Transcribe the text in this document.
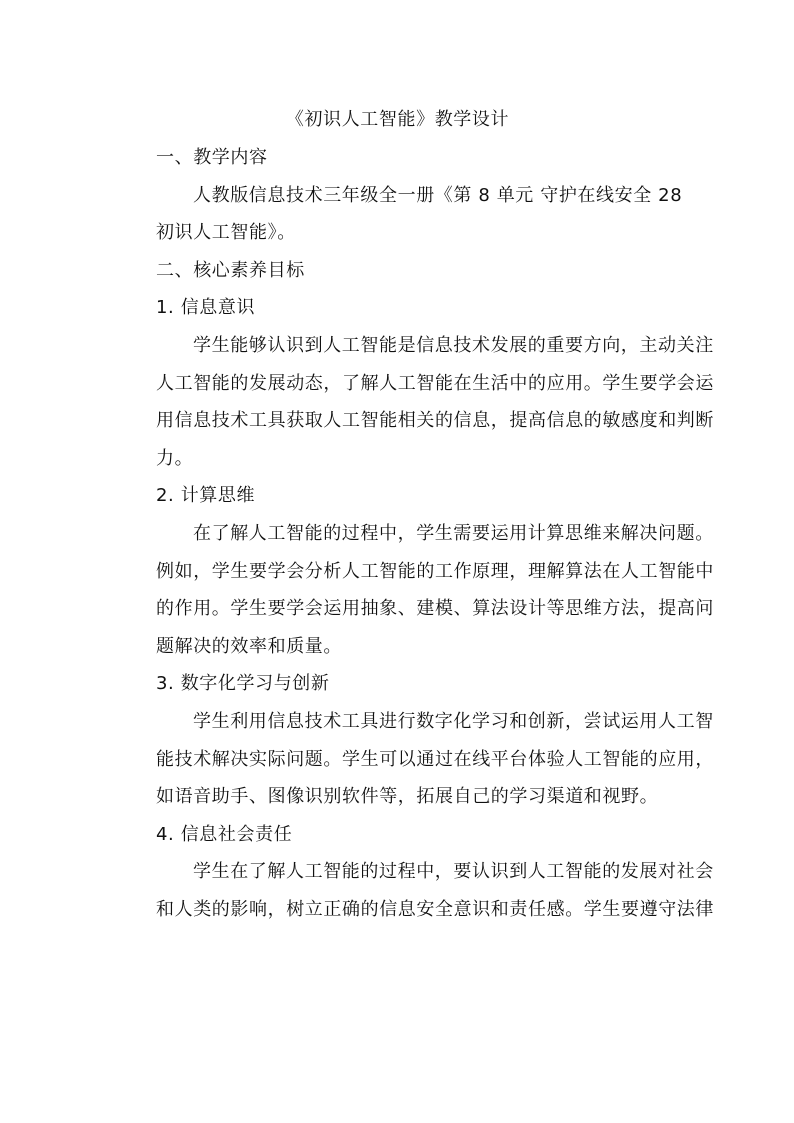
《初识人工智能》教学设计
一、教学内容
人教版信息技术三年级全一册《第 8 单元 守护在线安全 28
初识人工智能》。
二、核心素养目标
1. 信息意识
学生能够认识到人工智能是信息技术发展的重要方向，主动关注
人工智能的发展动态，了解人工智能在生活中的应用。学生要学会运
用信息技术工具获取人工智能相关的信息，提高信息的敏感度和判断
力。
2. 计算思维
在了解人工智能的过程中，学生需要运用计算思维来解决问题。
例如，学生要学会分析人工智能的工作原理，理解算法在人工智能中
的作用。学生要学会运用抽象、建模、算法设计等思维方法，提高问
题解决的效率和质量。
3. 数字化学习与创新
学生利用信息技术工具进行数字化学习和创新，尝试运用人工智
能技术解决实际问题。学生可以通过在线平台体验人工智能的应用，
如语音助手、图像识别软件等，拓展自己的学习渠道和视野。
4. 信息社会责任
学生在了解人工智能的过程中，要认识到人工智能的发展对社会
和人类的影响，树立正确的信息安全意识和责任感。学生要遵守法律
